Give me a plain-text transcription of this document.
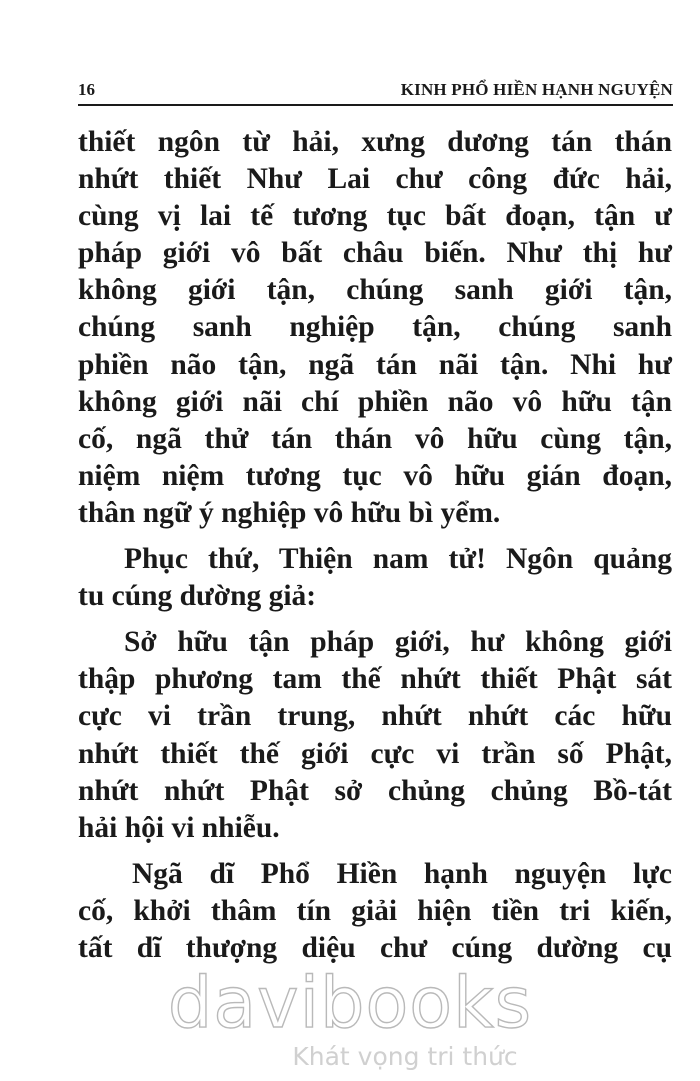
16	KINH PHỔ HIỀN HẠNH NGUYỆN
thiết ngôn từ hải, xưng dương tán thán
nhứt thiết Như Lai chư công đức hải,
cùng vị lai tế tương tục bất đoạn, tận ư
pháp giới vô bất châu biến. Như thị hư
không giới tận, chúng sanh giới tận,
chúng sanh nghiệp tận, chúng sanh
phiền não tận, ngã tán nãi tận. Nhi hư
không giới nãi chí phiền não vô hữu tận
cố, ngã thử tán thán vô hữu cùng tận,
niệm niệm tương tục vô hữu gián đoạn,
thân ngữ ý nghiệp vô hữu bì yểm.
Phục thứ, Thiện nam tử! Ngôn quảng
tu cúng dường giả:
Sở hữu tận pháp giới, hư không giới
thập phương tam thế nhứt thiết Phật sát
cực vi trần trung, nhứt nhứt các hữu
nhứt thiết thế giới cực vi trần số Phật,
nhứt nhứt Phật sở chủng chủng Bồ-tát
hải hội vi nhiễu.
Ngã dĩ Phổ Hiền hạnh nguyện lực
cố, khởi thâm tín giải hiện tiền tri kiến,
tất dĩ thượng diệu chư cúng dường cụ
davibooks
Khát vọng tri thức
